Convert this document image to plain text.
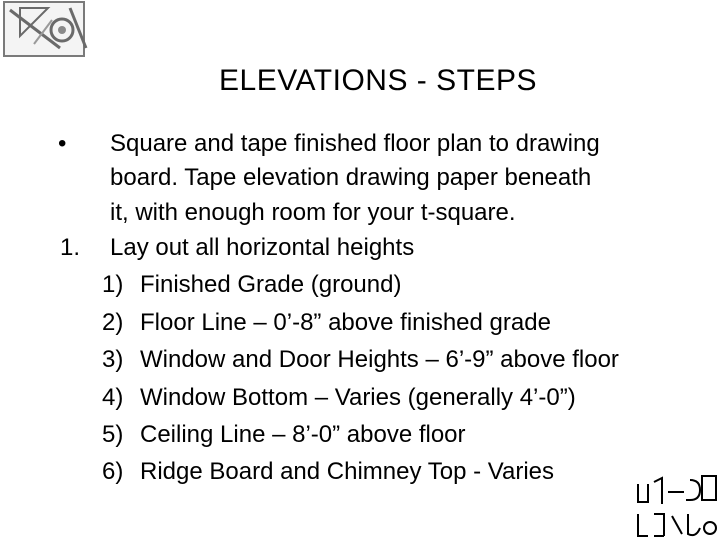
ELEVATIONS - STEPS
• Square and tape finished floor plan to drawing
board. Tape elevation drawing paper beneath
it, with enough room for your t-square.
1. Lay out all horizontal heights
1) Finished Grade (ground)
2) Floor Line – 0’-8” above finished grade
3) Window and Door Heights – 6’-9” above floor
4) Window Bottom – Varies (generally 4’-0”)
5) Ceiling Line – 8’-0” above floor
6) Ridge Board and Chimney Top - Varies
